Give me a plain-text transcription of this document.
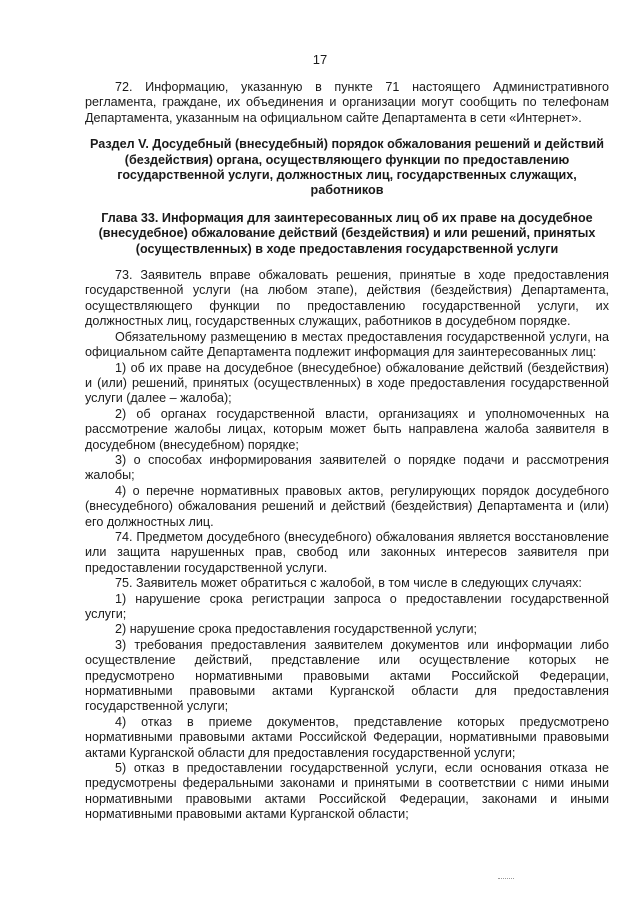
17

72. Информацию, указанную в пункте 71 настоящего Административного регламента, граждане, их объединения и организации могут сообщить по телефонам Департамента, указанным на официальном сайте Департамента в сети «Интернет».

Раздел V. Досудебный (внесудебный) порядок обжалования решений и действий (бездействия) органа, осуществляющего функции по предоставлению государственной услуги, должностных лиц, государственных служащих, работников

Глава 33. Информация для заинтересованных лиц об их праве на досудебное (внесудебное) обжалование действий (бездействия) и или решений, принятых (осуществленных) в ходе предоставления государственной услуги

73. Заявитель вправе обжаловать решения, принятые в ходе предоставления государственной услуги (на любом этапе), действия (бездействия) Департамента, осуществляющего функции по предоставлению государственной услуги, их должностных лиц, государственных служащих, работников в досудебном порядке.

Обязательному размещению в местах предоставления государственной услуги, на официальном сайте Департамента подлежит информация для заинтересованных лиц:

1) об их праве на досудебное (внесудебное) обжалование действий (бездействия) и (или) решений, принятых (осуществленных) в ходе предоставления государственной услуги (далее – жалоба);

2) об органах государственной власти, организациях и уполномоченных на рассмотрение жалобы лицах, которым может быть направлена жалоба заявителя в досудебном (внесудебном) порядке;

3) о способах информирования заявителей о порядке подачи и рассмотрения жалобы;

4) о перечне нормативных правовых актов, регулирующих порядок досудебного (внесудебного) обжалования решений и действий (бездействия) Департамента и (или) его должностных лиц.

74. Предметом досудебного (внесудебного) обжалования является восстановление или защита нарушенных прав, свобод или законных интересов заявителя при предоставлении государственной услуги.

75. Заявитель может обратиться с жалобой, в том числе в следующих случаях:

1) нарушение срока регистрации запроса о предоставлении государственной услуги;

2) нарушение срока предоставления государственной услуги;

3) требования предоставления заявителем документов или информации либо осуществление действий, представление или осуществление которых не предусмотрено нормативными правовыми актами Российской Федерации, нормативными правовыми актами Курганской области для предоставления государственной услуги;

4) отказ в приеме документов, представление которых предусмотрено нормативными правовыми актами Российской Федерации, нормативными правовыми актами Курганской области для предоставления государственной услуги;

5) отказ в предоставлении государственной услуги, если основания отказа не предусмотрены федеральными законами и принятыми в соответствии с ними иными нормативными правовыми актами Российской Федерации, законами и иными нормативными правовыми актами Курганской области;
